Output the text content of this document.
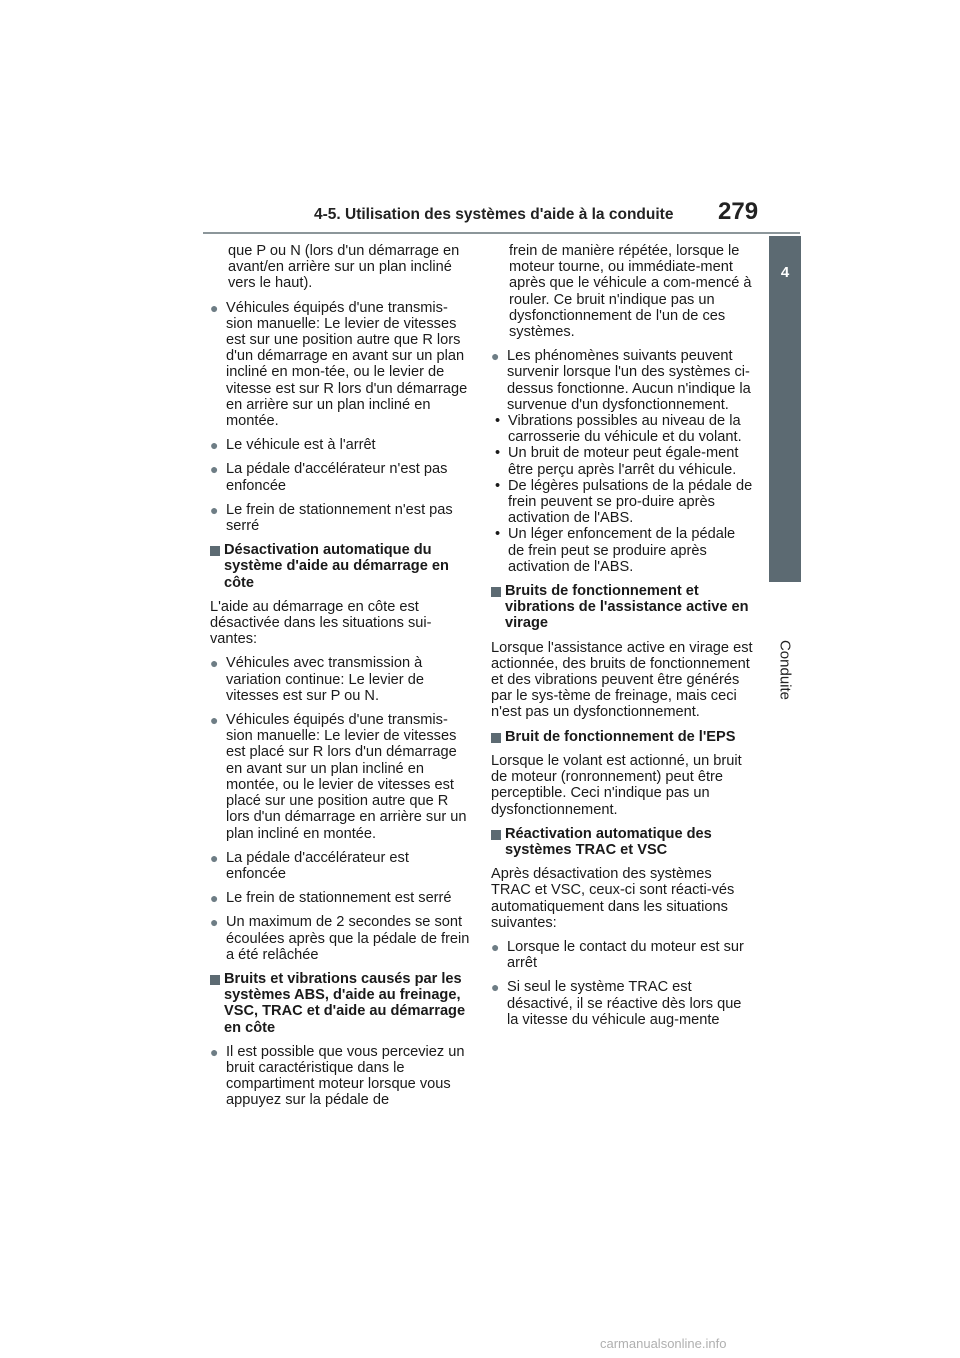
4-5. Utilisation des systèmes d'aide à la conduite 279
4
Conduite

que P ou N (lors d'un démarrage en avant/en arrière sur un plan incliné vers le haut).

● Véhicules équipés d'une transmis-sion manuelle: Le levier de vitesses est sur une position autre que R lors d'un démarrage en avant sur un plan incliné en mon-tée, ou le levier de vitesse est sur R lors d'un démarrage en arrière sur un plan incliné en montée.
● Le véhicule est à l'arrêt
● La pédale d'accélérateur n'est pas enfoncée
● Le frein de stationnement n'est pas serré
Désactivation automatique du système d'aide au démarrage en côte

L'aide au démarrage en côte est désactivée dans les situations sui-vantes:

● Véhicules avec transmission à variation continue: Le levier de vitesses est sur P ou N.
● Véhicules équipés d'une transmis-sion manuelle: Le levier de vitesses est placé sur R lors d'un démarrage en avant sur un plan incliné en montée, ou le levier de vitesses est placé sur une position autre que R lors d'un démarrage en arrière sur un plan incliné en montée.
● La pédale d'accélérateur est enfoncée
● Le frein de stationnement est serré
● Un maximum de 2 secondes se sont écoulées après que la pédale de frein a été relâchée
Bruits et vibrations causés par les systèmes ABS, d'aide au freinage, VSC, TRAC et d'aide au démarrage en côte
● Il est possible que vous perceviez un bruit caractéristique dans le compartiment moteur lorsque vous appuyez sur la pédale de

frein de manière répétée, lorsque le moteur tourne, ou immédiate-ment après que le véhicule a com-mencé à rouler. Ce bruit n'indique pas un dysfonctionnement de l'un de ces systèmes.

● Les phénomènes suivants peuvent survenir lorsque l'un des systèmes ci-dessus fonctionne. Aucun n'indique la survenue d'un dysfonctionnement.
• Vibrations possibles au niveau de la carrosserie du véhicule et du volant.
• Un bruit de moteur peut égale-ment être perçu après l'arrêt du véhicule.
• De légères pulsations de la pédale de frein peuvent se pro-duire après activation de l'ABS.
• Un léger enfoncement de la pédale de frein peut se produire après activation de l'ABS.
Bruits de fonctionnement et vibrations de l'assistance active en virage

Lorsque l'assistance active en virage est actionnée, des bruits de fonctionnement et des vibrations peuvent être générés par le sys-tème de freinage, mais ceci n'est pas un dysfonctionnement.

Bruit de fonctionnement de l'EPS

Lorsque le volant est actionné, un bruit de moteur (ronronnement) peut être perceptible. Ceci n'indique pas un dysfonctionnement.

Réactivation automatique des systèmes TRAC et VSC

Après désactivation des systèmes TRAC et VSC, ceux-ci sont réacti-vés automatiquement dans les situations suivantes:

● Lorsque le contact du moteur est sur arrêt
● Si seul le système TRAC est désactivé, il se réactive dès lors que la vitesse du véhicule aug-mente
carmanualsonline.info
